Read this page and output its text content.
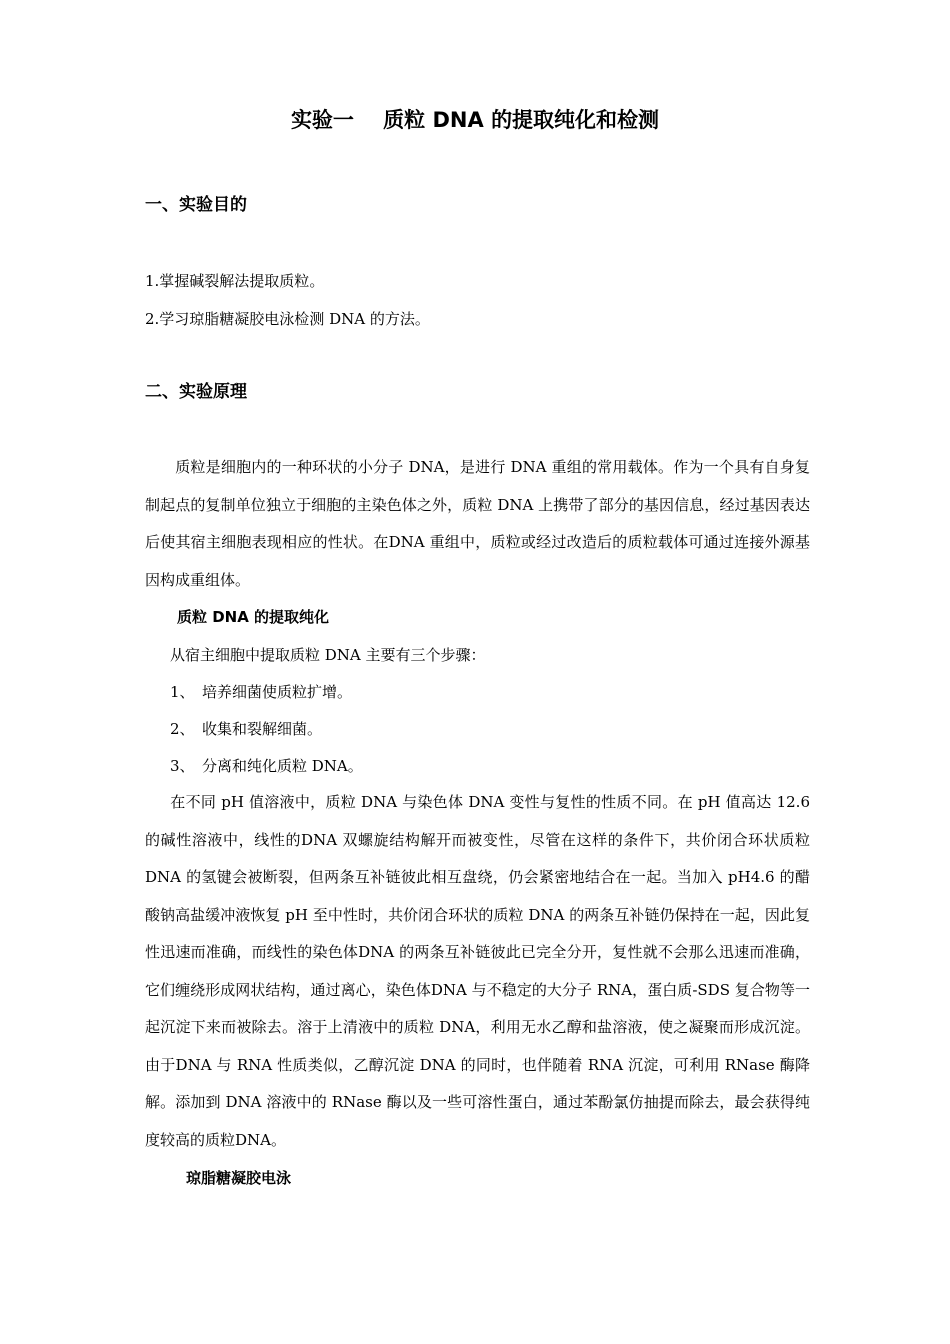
实验一    质粒 DNA 的提取纯化和检测
一、实验目的
1.掌握碱裂解法提取质粒。
2.学习琼脂糖凝胶电泳检测 DNA 的方法。
二、实验原理
质粒是细胞内的一种环状的小分子 DNA，是进行 DNA 重组的常用载体。作为一个具有自身复制起点的复制单位独立于细胞的主染色体之外，质粒 DNA 上携带了部分的基因信息，经过基因表达后使其宿主细胞表现相应的性状。在DNA 重组中，质粒或经过改造后的质粒载体可通过连接外源基因构成重组体。
质粒 DNA 的提取纯化
从宿主细胞中提取质粒 DNA 主要有三个步骤：
1、 培养细菌使质粒扩增。
2、 收集和裂解细菌。
3、 分离和纯化质粒 DNA。
在不同 pH 值溶液中，质粒 DNA 与染色体 DNA 变性与复性的性质不同。在 pH 值高达 12.6 的碱性溶液中，线性的DNA 双螺旋结构解开而被变性，尽管在这样的条件下，共价闭合环状质粒 DNA 的氢键会被断裂，但两条互补链彼此相互盘绕，仍会紧密地结合在一起。当加入 pH4.6 的醋酸钠高盐缓冲液恢复 pH 至中性时，共价闭合环状的质粒 DNA 的两条互补链仍保持在一起，因此复性迅速而准确，而线性的染色体DNA 的两条互补链彼此已完全分开，复性就不会那么迅速而准确，它们缠绕形成网状结构，通过离心，染色体DNA 与不稳定的大分子 RNA，蛋白质-SDS 复合物等一起沉淀下来而被除去。溶于上清液中的质粒 DNA，利用无水乙醇和盐溶液，使之凝聚而形成沉淀。由于DNA 与 RNA 性质类似，乙醇沉淀 DNA 的同时，也伴随着 RNA 沉淀，可利用 RNase 酶降解。添加到 DNA 溶液中的 RNase 酶以及一些可溶性蛋白，通过苯酚氯仿抽提而除去，最会获得纯度较高的质粒DNA。
琼脂糖凝胶电泳
